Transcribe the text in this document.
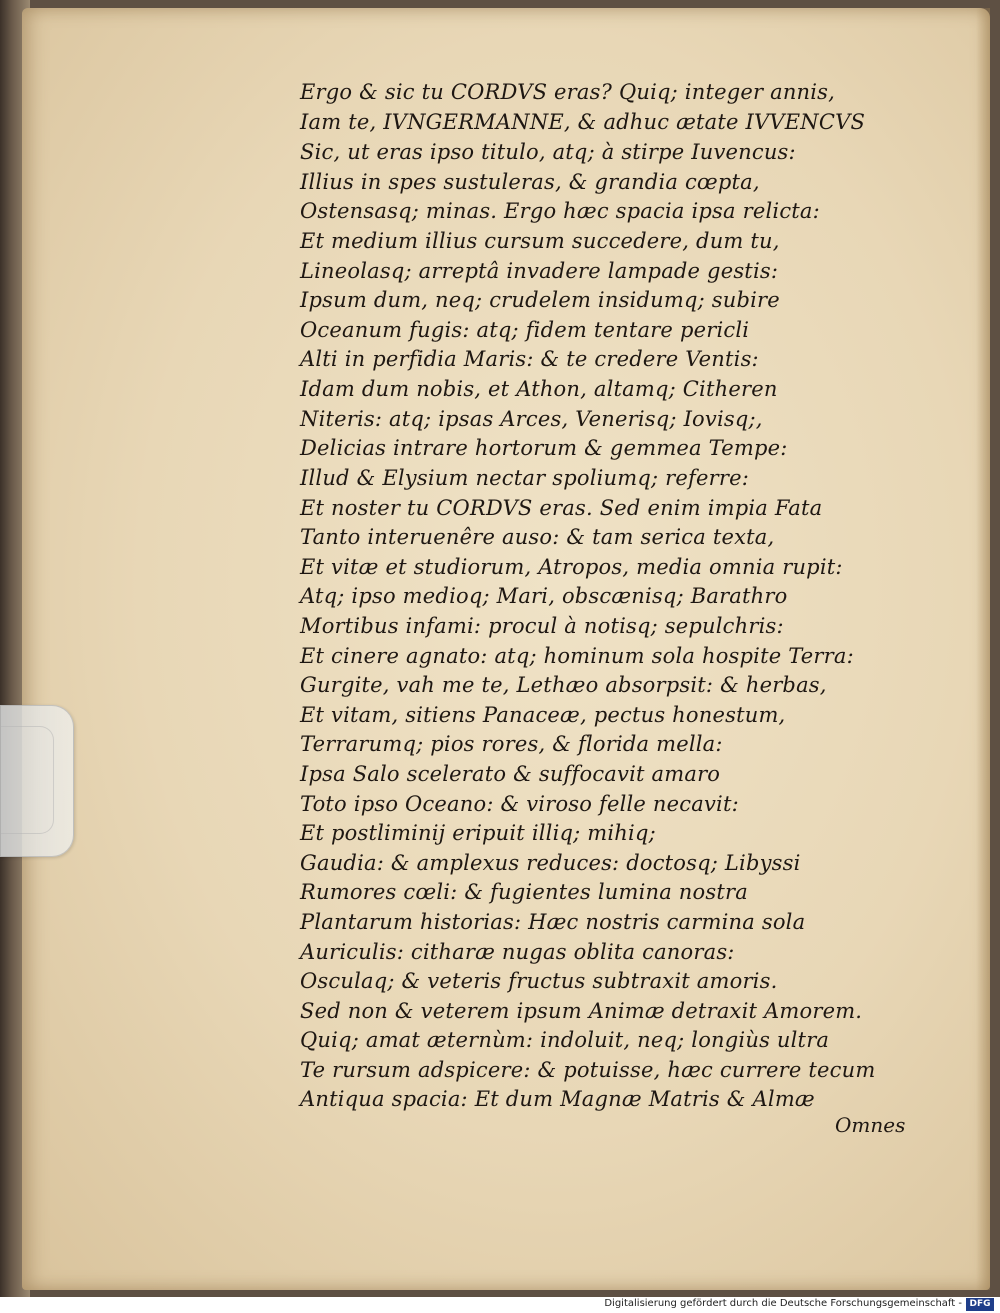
Ergo & sic tu CORDVS eras? Quiq; integer annis,
Iam te, IVNGERMANNE, & adhuc ætate IVVENCVS
Sic, ut eras ipso titulo, atq; à stirpe Iuvencus:
Illius in spes sustuleras, & grandia cœpta,
Ostensasq; minas. Ergo hæc spacia ipsa relicta:
Et medium illius cursum succedere, dum tu,
Lineolasq; arreptâ invadere lampade gestis:
Ipsum dum, neq; crudelem insidumq; subire
Oceanum fugis: atq; fidem tentare pericli
Alti in perfidia Maris: & te credere Ventis:
Idam dum nobis, et Athon, altamq; Citheren
Niteris: atq; ipsas Arces, Venerisq; Iovisq;,
Delicias intrare hortorum & gemmea Tempe:
Illud & Elysium nectar spoliumq; referre:
Et noster tu CORDVS eras. Sed enim impia Fata
Tanto interuenêre auso: & tam serica texta,
Et vitæ et studiorum, Atropos, media omnia rupit:
Atq; ipso medioq; Mari, obscænisq; Barathro
Mortibus infami: procul à notisq; sepulchris:
Et cinere agnato: atq; hominum sola hospite Terra:
Gurgite, vah me te, Lethæo absorpsit: & herbas,
Et vitam, sitiens Panaceæ, pectus honestum,
Terrarumq; pios rores, & florida mella:
Ipsa Salo scelerato & suffocavit amaro
Toto ipso Oceano: & viroso felle necavit:
Et postliminij eripuit illiq; mihiq;
Gaudia: & amplexus reduces: doctosq; Libyssi
Rumores cœli: & fugientes lumina nostra
Plantarum historias: Hæc nostris carmina sola
Auriculis: citharæ nugas oblita canoras:
Osculaq; & veteris fructus subtraxit amoris.
Sed non & veterem ipsum Animæ detraxit Amorem.
Quiq; amat æternùm: indoluit, neq; longiùs ultra
Te rursum adspicere: & potuisse, hæc currere tecum
Antiqua spacia: Et dum Magnæ Matris & Almæ
Omnes
Digitalisierung gefördert durch die Deutsche Forschungsgemeinschaft - DFG
